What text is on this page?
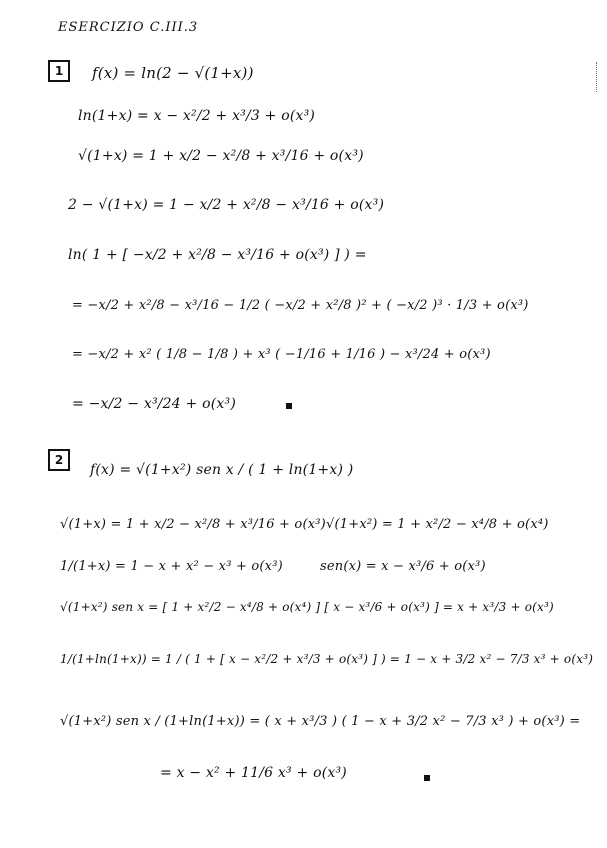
ESERCIZIO C.III.3
1	f(x) = ln(2 − √(1+x))
ln(1+x) = x − x²/2 + x³/3 + o(x³)
√(1+x) = 1 + x/2 − x²/8 + x³/16 + o(x³)
2 − √(1+x) = 1 − x/2 + x²/8 − x³/16 + o(x³)
ln( 1 + [ −x/2 + x²/8 − x³/16 + o(x³) ] ) =
= −x/2 + x²/8 − x³/16 − 1/2 ( −x/2 + x²/8 )² + ( −x/2 )³ · 1/3 + o(x³)
= −x/2 + x² ( 1/8 − 1/8 ) + x³ ( −1/16 + 1/16 ) − x³/24 + o(x³)
= −x/2 − x³/24 + o(x³)
2
f(x) = √(1+x²) sen x / ( 1 + ln(1+x) )
√(1+x) = 1 + x/2 − x²/8 + x³/16 + o(x³) √(1+x²) = 1 + x²/2 − x⁴/8 + o(x⁴)
1/(1+x) = 1 − x + x² − x³ + o(x³)	sen(x) = x − x³/6 + o(x³)
√(1+x²) sen x = [ 1 + x²/2 − x⁴/8 + o(x⁴) ] [ x − x³/6 + o(x³) ] = x + x³/3 + o(x³)
1/(1+ln(1+x)) = 1 / ( 1 + [ x − x²/2 + x³/3 + o(x³) ] ) = 1 − x + 3/2 x² − 7/3 x³ + o(x³)
√(1+x²) sen x / (1+ln(1+x)) = ( x + x³/3 ) ( 1 − x + 3/2 x² − 7/3 x³ ) + o(x³) =
= x − x² + 11/6 x³ + o(x³)
